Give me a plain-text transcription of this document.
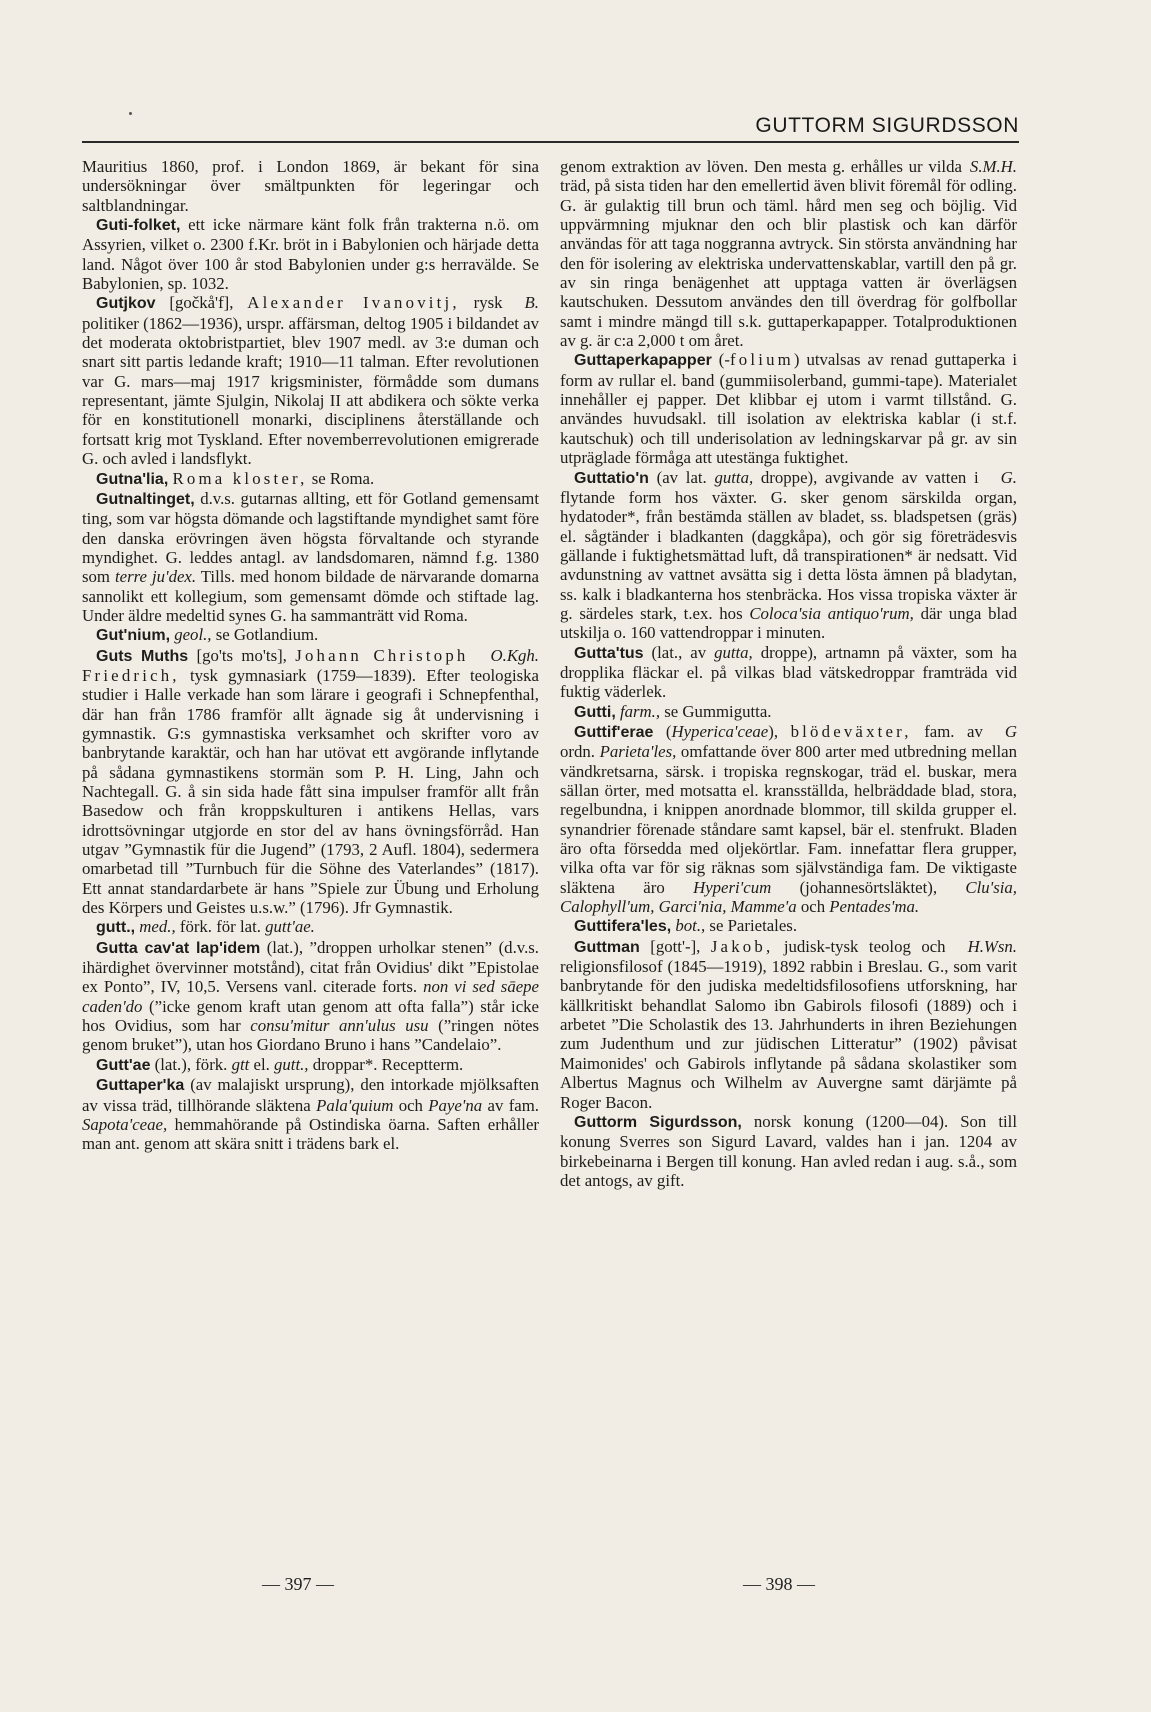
GUTTORM SIGURDSSON

Mauritius 1860, prof. i London 1869, är bekant för sina undersökningar över smältpunkten för legeringar och saltblandningar.

Guti-folket, ett icke närmare känt folk från trakterna n.ö. om Assyrien, vilket o. 2300 f.Kr. bröt in i Babylonien och härjade detta land. Något över 100 år stod Babylonien under g:s herravälde. Se Babylonien, sp. 1032.

B.
Gutjkov [gočkå'f], Alexander Ivanovitj, rysk politiker (1862—1936), urspr. affärsman, deltog 1905 i bildandet av det moderata oktobristpartiet, blev 1907 medl. av 3:e duman och snart sitt partis ledande kraft; 1910—11 talman. Efter revolutionen var G. mars—maj 1917 krigsminister, förmådde som dumans representant, jämte Sjulgin, Nikolaj II att abdikera och sökte verka för en konstitutionell monarki, disciplinens återställande och fortsatt krig mot Tyskland. Efter novemberrevolutionen emigrerade G. och avled i landsflykt.

Gutna'lia, Roma kloster, se Roma.

Gutnaltinget, d.v.s. gutarnas allting, ett för Gotland gemensamt ting, som var högsta dömande och lagstiftande myndighet samt före den danska erövringen även högsta förvaltande och styrande myndighet. G. leddes antagl. av landsdomaren, nämnd f.g. 1380 som terre ju'dex. Tills. med honom bildade de närvarande domarna sannolikt ett kollegium, som gemensamt dömde och stiftade lag. Under äldre medeltid synes G. ha sammanträtt vid Roma.

Gut'nium, geol., se Gotlandium.

O.Kgh.
Guts Muths [go'ts mo'ts], Johann Christoph Friedrich, tysk gymnasiark (1759—1839). Efter teologiska studier i Halle verkade han som lärare i geografi i Schnepfenthal, där han från 1786 framför allt ägnade sig åt undervisning i gymnastik. G:s gymnastiska verksamhet och skrifter voro av banbrytande karaktär, och han har utövat ett avgörande inflytande på sådana gymnastikens stormän som P. H. Ling, Jahn och Nachtegall. G. å sin sida hade fått sina impulser framför allt från Basedow och från kroppskulturen i antikens Hellas, vars idrottsövningar utgjorde en stor del av hans övningsförråd. Han utgav ”Gymnastik für die Jugend” (1793, 2 Aufl. 1804), sedermera omarbetad till ”Turnbuch für die Söhne des Vaterlandes” (1817). Ett annat standardarbete är hans ”Spiele zur Übung und Erholung des Körpers und Geistes u.s.w.” (1796). Jfr Gymnastik.

gutt., med., förk. för lat. gutt'ae.

Gutta cav'at lap'idem (lat.), ”droppen urholkar stenen” (d.v.s. ihärdighet övervinner motstånd), citat från Ovidius' dikt ”Epistolae ex Ponto”, IV, 10,5. Versens vanl. citerade forts. non vi sed sāepe caden'do (”icke genom kraft utan genom att ofta falla”) står icke hos Ovidius, som har consu'mitur ann'ulus usu (”ringen nötes genom bruket”), utan hos Giordano Bruno i hans ”Candelaio”.

Gutt'ae (lat.), förk. gtt el. gutt., droppar*. Receptterm.

Guttaper'ka (av malajiskt ursprung), den intorkade mjölksaften av vissa träd, tillhörande släktena Pala'quium och Paye'na av fam. Sapota'ceae, hemmahörande på Ostindiska öarna. Saften erhåller man ant. genom att skära snitt i trädens bark el.

S.M.H.
genom extraktion av löven. Den mesta g. erhålles ur vilda träd, på sista tiden har den emellertid även blivit föremål för odling. G. är gulaktig till brun och täml. hård men seg och böjlig. Vid uppvärmning mjuknar den och blir plastisk och kan därför användas för att taga noggranna avtryck. Sin största användning har den för isolering av elektriska undervattenskablar, vartill den på gr. av sin ringa benägenhet att upptaga vatten är överlägsen kautschuken. Dessutom användes den till överdrag för golfbollar samt i mindre mängd till s.k. guttaperkapapper. Totalproduktionen av g. är c:a 2,000 t om året.

Guttaperkapapper (-folium) utvalsas av renad guttaperka i form av rullar el. band (gummiisolerband, gummi-tape). Materialet innehåller ej papper. Det klibbar ej utom i varmt tillstånd. G. användes huvudsakl. till isolation av elektriska kablar (i st.f. kautschuk) och till underisolation av ledningskarvar på gr. av sin utpräglade förmåga att utestänga fuktighet.

G.
Guttatio'n (av lat. gutta, droppe), avgivande av vatten i flytande form hos växter. G. sker genom särskilda organ, hydatoder*, från bestämda ställen av bladet, ss. bladspetsen (gräs) el. sågtänder i bladkanten (daggkåpa), och gör sig företrädesvis gällande i fuktighetsmättad luft, då transpirationen* är nedsatt. Vid avdunstning av vattnet avsätta sig i detta lösta ämnen på bladytan, ss. kalk i bladkanterna hos stenbräcka. Hos vissa tropiska växter är g. särdeles stark, t.ex. hos Coloca'sia antiquo'rum, där unga blad utskilja o. 160 vattendroppar i minuten.

Gutta'tus (lat., av gutta, droppe), artnamn på växter, som ha dropplika fläckar el. på vilkas blad vätskedroppar framträda vid fuktig väderlek.

Gutti, farm., se Gummigutta.

G
Guttif'erae (Hyperica'ceae), blödeväxter, fam. av ordn. Parieta'les, omfattande över 800 arter med utbredning mellan vändkretsarna, särsk. i tropiska regnskogar, träd el. buskar, mera sällan örter, med motsatta el. kransställda, helbräddade blad, stora, regelbundna, i knippen anordnade blommor, till skilda grupper el. synandrier förenade ståndare samt kapsel, bär el. stenfrukt. Bladen äro ofta försedda med oljekörtlar. Fam. innefattar flera grupper, vilka ofta var för sig räknas som självständiga fam. De viktigaste släktena äro Hyperi'cum (johannesörtsläktet), Clu'sia, Calophyll'um, Garci'nia, Mamme'a och Pentades'ma.

Guttifera'les, bot., se Parietales.

H.Wsn.
Guttman [gott'-], Jakob, judisk-tysk teolog och religionsfilosof (1845—1919), 1892 rabbin i Breslau. G., som varit banbrytande för den judiska medeltidsfilosofiens utforskning, har källkritiskt behandlat Salomo ibn Gabirols filosofi (1889) och i arbetet ”Die Scholastik des 13. Jahrhunderts in ihren Beziehungen zum Judenthum und zur jüdischen Litteratur” (1902) påvisat Maimonides' och Gabirols inflytande på sådana skolastiker som Albertus Magnus och Wilhelm av Auvergne samt därjämte på Roger Bacon.

Guttorm Sigurdsson, norsk konung (1200—04). Son till konung Sverres son Sigurd Lavard, valdes han i jan. 1204 av birkebeinarna i Bergen till konung. Han avled redan i aug. s.å., som det antogs, av gift.

— 397 —	— 398 —
